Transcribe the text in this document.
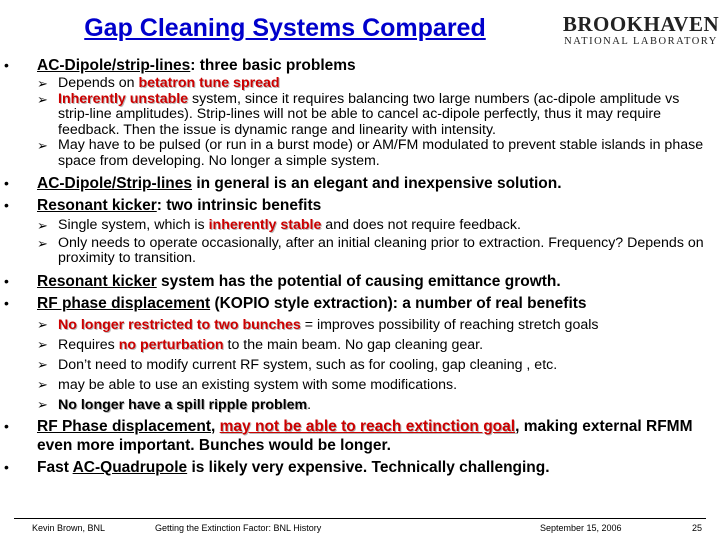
Gap Cleaning Systems Compared	BROOKHAVEN
NATIONAL LABORATORY
• AC-Dipole/strip-lines: three basic problems
➢ Depends on betatron tune spread
➢ Inherently unstable system, since it requires balancing two large numbers (ac-dipole amplitude vs strip-line amplitudes). Strip-lines will not be able to cancel ac-dipole perfectly, thus it may require feedback. Then the issue is dynamic range and linearity with intensity.
➢ May have to be pulsed (or run in a burst mode) or AM/FM modulated to prevent stable islands in phase space from developing. No longer a simple system.
• AC-Dipole/Strip-lines in general is an elegant and inexpensive solution.
• Resonant kicker: two intrinsic benefits
➢ Single system, which is inherently stable and does not require feedback.
➢ Only needs to operate occasionally, after an initial cleaning prior to extraction. Frequency? Depends on proximity to transition.
• Resonant kicker system has the potential of causing emittance growth.
• RF phase displacement (KOPIO style extraction): a number of real benefits
➢ No longer restricted to two bunches = improves possibility of reaching stretch goals
➢ Requires no perturbation to the main beam. No gap cleaning gear.
➢ Don’t need to modify current RF system, such as for cooling, gap cleaning , etc.
➢ may be able to use an existing system with some modifications.
➢ No longer have a spill ripple problem.
• RF Phase displacement, may not be able to reach extinction goal, making external RFMM even more important. Bunches would be longer.
• Fast AC-Quadrupole is likely very expensive. Technically challenging.
Kevin Brown, BNL	Getting the Extinction Factor: BNL History	September 15, 2006	25
